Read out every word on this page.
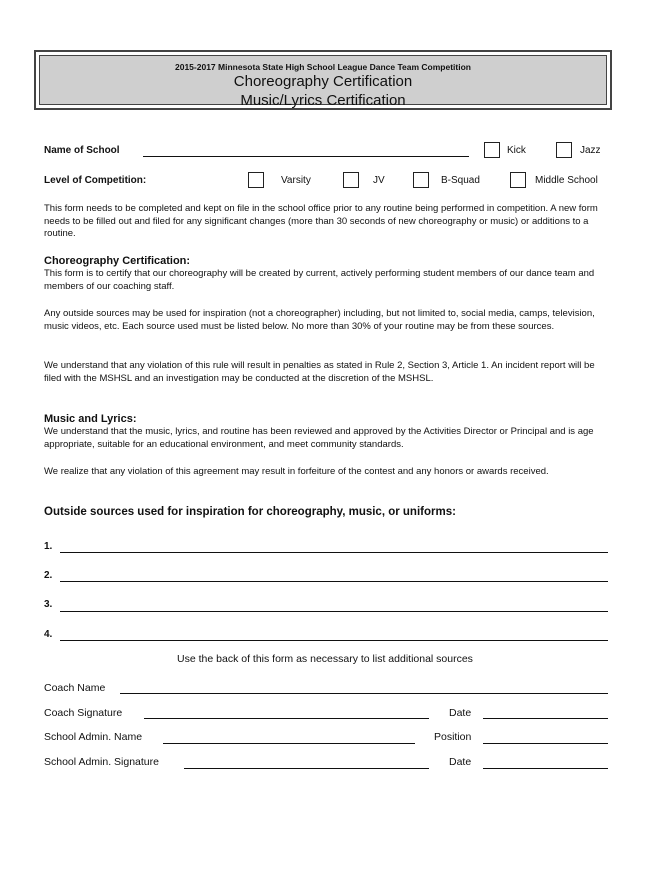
2015-2017 Minnesota State High School League Dance Team Competition
Choreography Certification
Music/Lyrics Certification
Name of School	Kick	Jazz
Level of Competition:	Varsity	JV	B-Squad	Middle School
This form needs to be completed and kept on file in the school office prior to any routine being performed in competition. A new form needs to be filled out and filed for any significant changes (more than 30 seconds of new choreography or music) or additions to a routine.
Choreography Certification:
This form is to certify that our choreography will be created by current, actively performing student members of our dance team and members of our coaching staff.
Any outside sources may be used for inspiration (not a choreographer) including, but not limited to, social media, camps, television, music videos, etc. Each source used must be listed below. No more than 30% of your routine may be from these sources.
We understand that any violation of this rule will result in penalties as stated in Rule 2, Section 3, Article 1. An incident report will be filed with the MSHSL and an investigation may be conducted at the discretion of the MSHSL.
Music and Lyrics:
We understand that the music, lyrics, and routine has been reviewed and approved by the Activities Director or Principal and is age appropriate, suitable for an educational environment, and meet community standards.
We realize that any violation of this agreement may result in forfeiture of the contest and any honors or awards received.
Outside sources used for inspiration for choreography, music, or uniforms:
1.
2.
3.
4.
Use the back of this form as necessary to list additional sources
Coach Name
Coach Signature	Date
School Admin. Name	Position
School Admin. Signature	Date
